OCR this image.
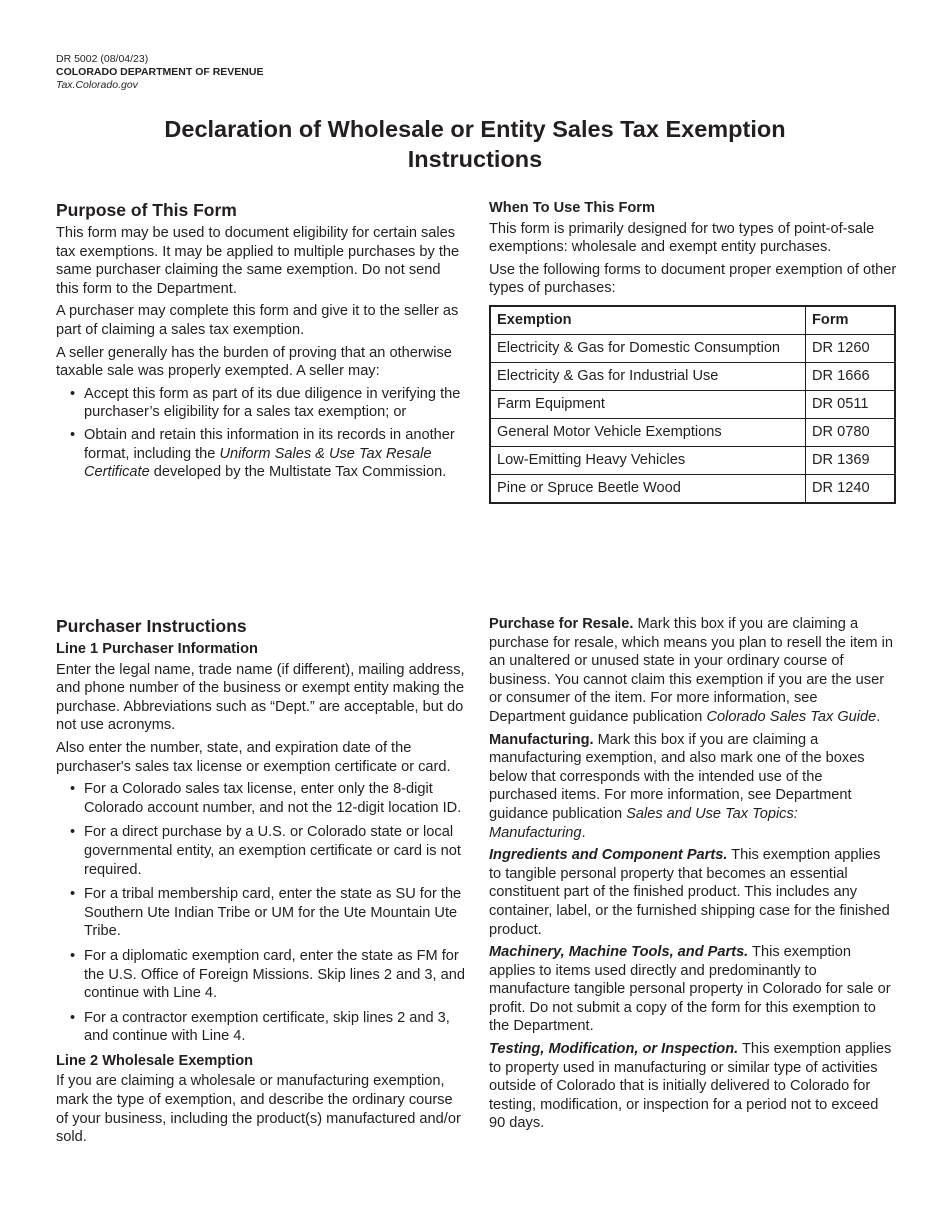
DR 5002 (08/04/23)
COLORADO DEPARTMENT OF REVENUE
Tax.Colorado.gov
Declaration of Wholesale or Entity Sales Tax Exemption
Instructions
Purpose of This Form

This form may be used to document eligibility for certain sales tax exemptions. It may be applied to multiple purchases by the same purchaser claiming the same exemption. Do not send this form to the Department.

A purchaser may complete this form and give it to the seller as part of claiming a sales tax exemption.

A seller generally has the burden of proving that an otherwise taxable sale was properly exempted. A seller may:

• Accept this form as part of its due diligence in verifying the purchaser’s eligibility for a sales tax exemption; or
• Obtain and retain this information in its records in another format, including the Uniform Sales & Use Tax Resale Certificate developed by the Multistate Tax Commission.
When To Use This Form

This form is primarily designed for two types of point-of-sale exemptions: wholesale and exempt entity purchases.

Use the following forms to document proper exemption of other types of purchases:

Exemption	Form
Electricity & Gas for Domestic Consumption	DR 1260
Electricity & Gas for Industrial Use	DR 1666
Farm Equipment	DR 0511
General Motor Vehicle Exemptions	DR 0780
Low-Emitting Heavy Vehicles	DR 1369
Pine or Spruce Beetle Wood	DR 1240
Purchaser Instructions
Line 1 Purchaser Information

Enter the legal name, trade name (if different), mailing address, and phone number of the business or exempt entity making the purchase. Abbreviations such as “Dept.” are acceptable, but do not use acronyms.

Also enter the number, state, and expiration date of the purchaser's sales tax license or exemption certificate or card.

• For a Colorado sales tax license, enter only the 8-digit Colorado account number, and not the 12-digit location ID.
• For a direct purchase by a U.S. or Colorado state or local governmental entity, an exemption certificate or card is not required.
• For a tribal membership card, enter the state as SU for the Southern Ute Indian Tribe or UM for the Ute Mountain Ute Tribe.
• For a diplomatic exemption card, enter the state as FM for the U.S. Office of Foreign Missions. Skip lines 2 and 3, and continue with Line 4.
• For a contractor exemption certificate, skip lines 2 and 3, and continue with Line 4.
Line 2 Wholesale Exemption

If you are claiming a wholesale or manufacturing exemption, mark the type of exemption, and describe the ordinary course of your business, including the product(s) manufactured and/or sold.

Purchase for Resale. Mark this box if you are claiming a purchase for resale, which means you plan to resell the item in an unaltered or unused state in your ordinary course of business. You cannot claim this exemption if you are the user or consumer of the item. For more information, see Department guidance publication Colorado Sales Tax Guide.

Manufacturing. Mark this box if you are claiming a manufacturing exemption, and also mark one of the boxes below that corresponds with the intended use of the purchased items. For more information, see Department guidance publication Sales and Use Tax Topics: Manufacturing.

Ingredients and Component Parts. This exemption applies to tangible personal property that becomes an essential constituent part of the finished product. This includes any container, label, or the furnished shipping case for the finished product.

Machinery, Machine Tools, and Parts. This exemption applies to items used directly and predominantly to manufacture tangible personal property in Colorado for sale or profit. Do not submit a copy of the form for this exemption to the Department.

Testing, Modification, or Inspection. This exemption applies to property used in manufacturing or similar type of activities outside of Colorado that is initially delivered to Colorado for testing, modification, or inspection for a period not to exceed 90 days.
